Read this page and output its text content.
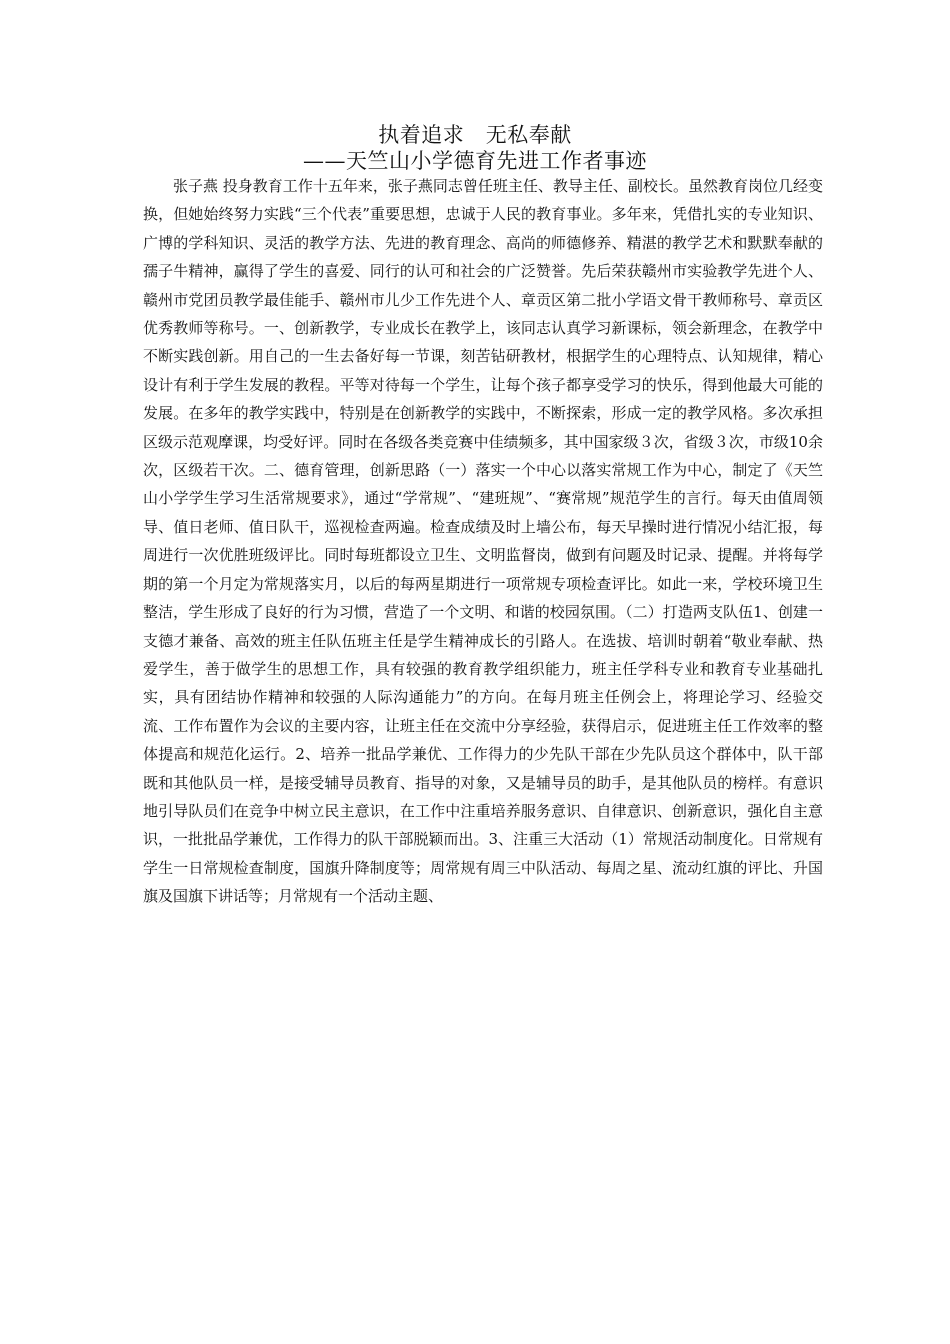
执着追求　无私奉献
——天竺山小学德育先进工作者事迹

张子燕 投身教育工作十五年来，张子燕同志曾任班主任、教导主任、副校长。虽然教育岗位几经变换，但她始终努力实践“三个代表”重要思想，忠诚于人民的教育事业。多年来，凭借扎实的专业知识、广博的学科知识、灵活的教学方法、先进的教育理念、高尚的师德修养、精湛的教学艺术和默默奉献的孺子牛精神，赢得了学生的喜爱、同行的认可和社会的广泛赞誉。先后荣获赣州市实验教学先进个人、赣州市党团员教学最佳能手、赣州市儿少工作先进个人、章贡区第二批小学语文骨干教师称号、章贡区优秀教师等称号。一、创新教学，专业成长在教学上，该同志认真学习新课标，领会新理念，在教学中不断实践创新。用自己的一生去备好每一节课，刻苦钻研教材，根据学生的心理特点、认知规律，精心设计有利于学生发展的教程。平等对待每一个学生，让每个孩子都享受学习的快乐，得到他最大可能的发展。在多年的教学实践中，特别是在创新教学的实践中，不断探索，形成一定的教学风格。多次承担区级示范观摩课，均受好评。同时在各级各类竞赛中佳绩频多，其中国家级３次，省级３次，市级10余次，区级若干次。二、德育管理，创新思路（一）落实一个中心以落实常规工作为中心，制定了《天竺山小学学生学习生活常规要求》，通过“学常规”、“建班规”、“赛常规”规范学生的言行。每天由值周领导、值日老师、值日队干，巡视检查两遍。检查成绩及时上墙公布，每天早操时进行情况小结汇报，每周进行一次优胜班级评比。同时每班都设立卫生、文明监督岗，做到有问题及时记录、提醒。并将每学期的第一个月定为常规落实月，以后的每两星期进行一项常规专项检查评比。如此一来，学校环境卫生整洁，学生形成了良好的行为习惯，营造了一个文明、和谐的校园氛围。（二）打造两支队伍1、创建一支德才兼备、高效的班主任队伍班主任是学生精神成长的引路人。在选拔、培训时朝着“敬业奉献、热爱学生，善于做学生的思想工作，具有较强的教育教学组织能力，班主任学科专业和教育专业基础扎实，具有团结协作精神和较强的人际沟通能力”的方向。在每月班主任例会上，将理论学习、经验交流、工作布置作为会议的主要内容，让班主任在交流中分享经验，获得启示，促进班主任工作效率的整体提高和规范化运行。2、培养一批品学兼优、工作得力的少先队干部在少先队员这个群体中，队干部既和其他队员一样，是接受辅导员教育、指导的对象，又是辅导员的助手，是其他队员的榜样。有意识地引导队员们在竞争中树立民主意识，在工作中注重培养服务意识、自律意识、创新意识，强化自主意识，一批批品学兼优，工作得力的队干部脱颖而出。3、注重三大活动（1）常规活动制度化。日常规有学生一日常规检查制度，国旗升降制度等；周常规有周三中队活动、每周之星、流动红旗的评比、升国旗及国旗下讲话等；月常规有一个活动主题、
